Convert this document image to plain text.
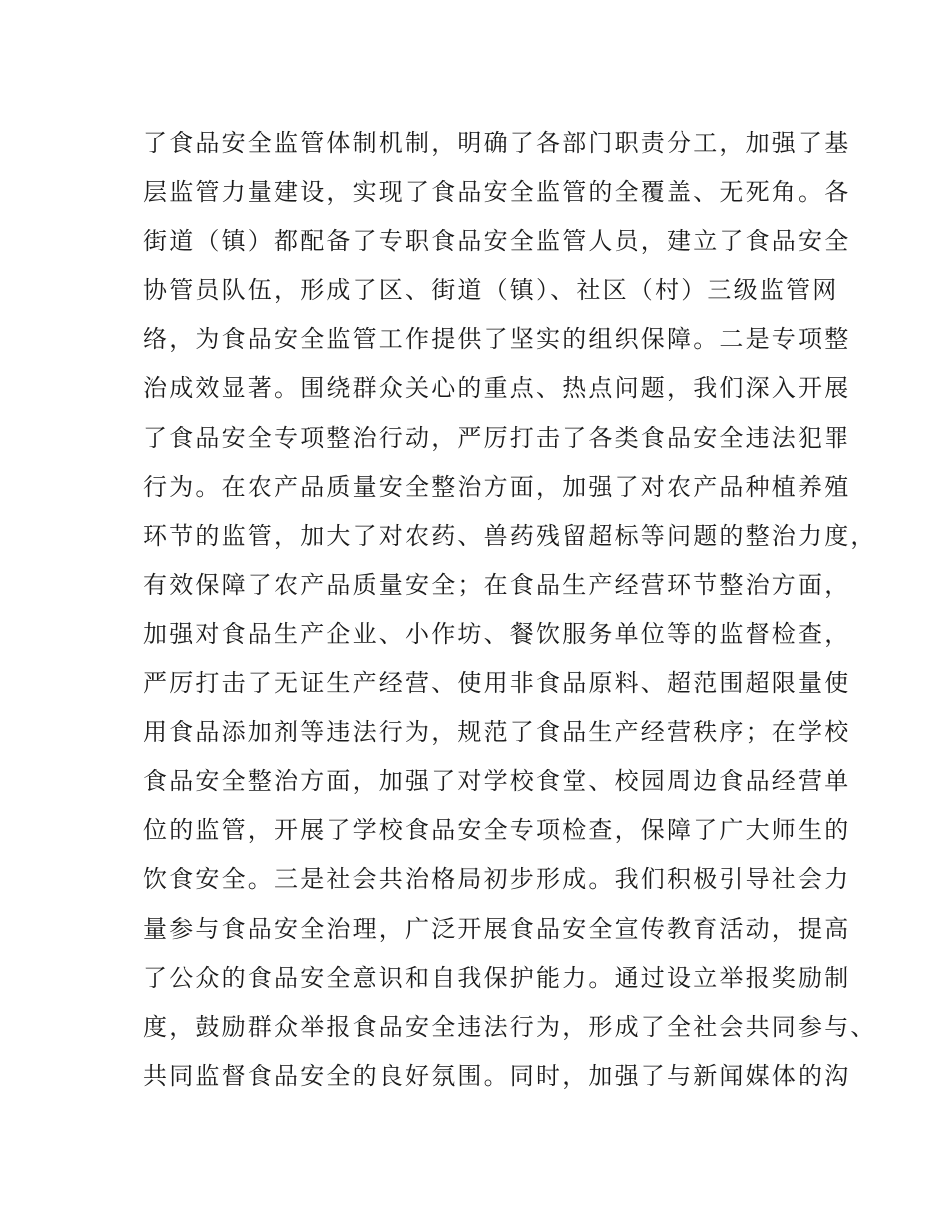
了食品安全监管体制机制，明确了各部门职责分工，加强了基
层监管力量建设，实现了食品安全监管的全覆盖、无死角。各
街道（镇）都配备了专职食品安全监管人员，建立了食品安全
协管员队伍，形成了区、街道（镇）、社区（村）三级监管网
络，为食品安全监管工作提供了坚实的组织保障。二是专项整
治成效显著。围绕群众关心的重点、热点问题，我们深入开展
了食品安全专项整治行动，严厉打击了各类食品安全违法犯罪
行为。在农产品质量安全整治方面，加强了对农产品种植养殖
环节的监管，加大了对农药、兽药残留超标等问题的整治力度，
有效保障了农产品质量安全；在食品生产经营环节整治方面，
加强对食品生产企业、小作坊、餐饮服务单位等的监督检查，
严厉打击了无证生产经营、使用非食品原料、超范围超限量使
用食品添加剂等违法行为，规范了食品生产经营秩序；在学校
食品安全整治方面，加强了对学校食堂、校园周边食品经营单
位的监管，开展了学校食品安全专项检查，保障了广大师生的
饮食安全。三是社会共治格局初步形成。我们积极引导社会力
量参与食品安全治理，广泛开展食品安全宣传教育活动，提高
了公众的食品安全意识和自我保护能力。通过设立举报奖励制
度，鼓励群众举报食品安全违法行为，形成了全社会共同参与、
共同监督食品安全的良好氛围。同时，加强了与新闻媒体的沟
